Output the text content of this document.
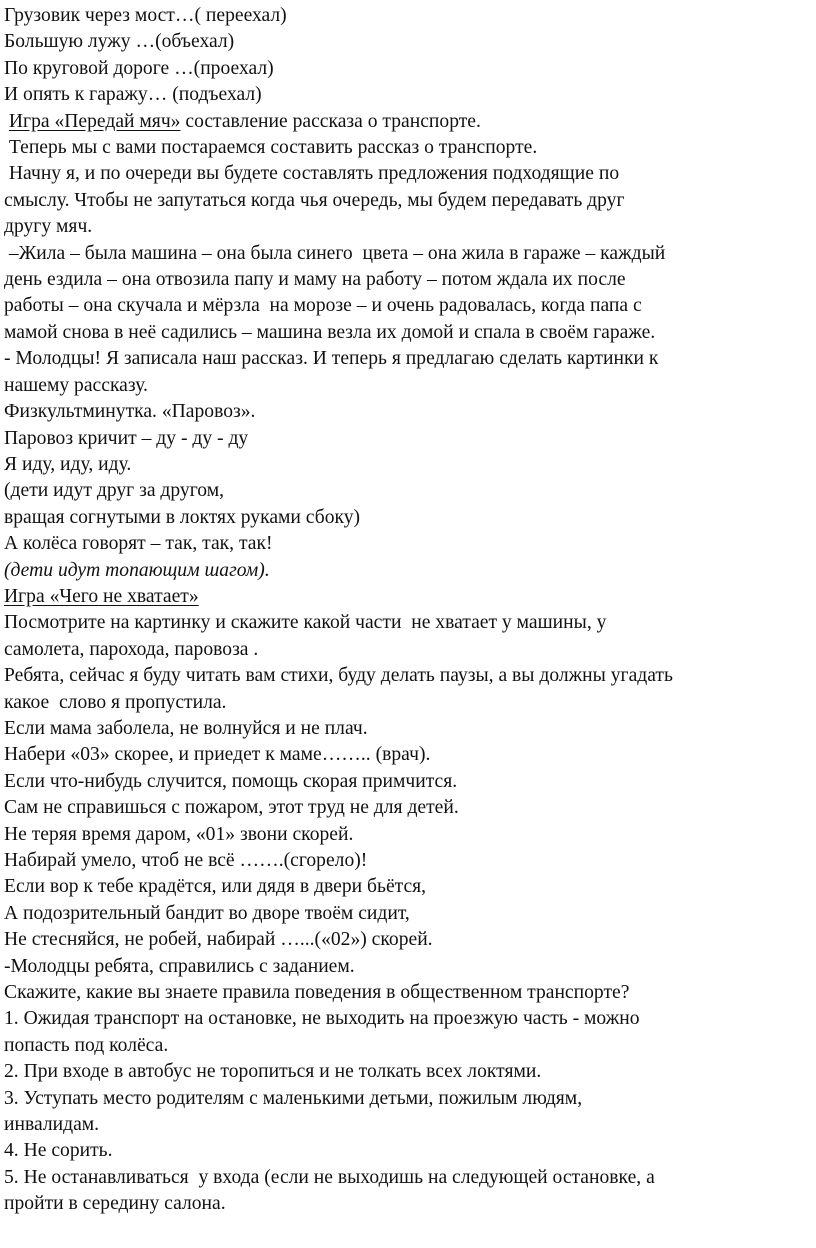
Грузовик через мост…( переехал)
Большую лужу …(объехал)
По круговой дороге …(проехал)
И опять к гаражу… (подъехал)
Игра «Передай мяч» составление рассказа о транспорте.
Теперь мы с вами постараемся составить рассказ о транспорте.
Начну я, и по очереди вы будете составлять предложения подходящие по
смыслу. Чтобы не запутаться когда чья очередь, мы будем передавать друг
другу мяч.
–Жила – была машина – она была синего  цвета – она жила в гараже – каждый
день ездила – она отвозила папу и маму на работу – потом ждала их после
работы – она скучала и мёрзла  на морозе – и очень радовалась, когда папа с
мамой снова в неё садились – машина везла их домой и спала в своём гараже.
- Молодцы! Я записала наш рассказ. И теперь я предлагаю сделать картинки к
нашему рассказу.
Физкультминутка. «Паровоз».
Паровоз кричит – ду - ду - ду
Я иду, иду, иду.
(дети идут друг за другом,
вращая согнутыми в локтях руками сбоку)
А колёса говорят – так, так, так!
(дети идут топающим шагом).
Игра «Чего не хватает»
Посмотрите на картинку и скажите какой части  не хватает у машины, у
самолета, парохода, паровоза .
Ребята, сейчас я буду читать вам стихи, буду делать паузы, а вы должны угадать
какое  слово я пропустила.
Если мама заболела, не волнуйся и не плач.
Набери «03» скорее, и приедет к маме…….. (врач).
Если что-нибудь случится, помощь скорая примчится.
Сам не справишься с пожаром, этот труд не для детей.
Не теряя время даром, «01» звони скорей.
Набирай умело, чтоб не всё …….(сгорело)!
Если вор к тебе крадётся, или дядя в двери бьётся,
А подозрительный бандит во дворе твоём сидит,
Не стесняйся, не робей, набирай …...(«02») скорей.
-Молодцы ребята, справились с заданием.
Скажите, какие вы знаете правила поведения в общественном транспорте?
1. Ожидая транспорт на остановке, не выходить на проезжую часть - можно
попасть под колёса.
2. При входе в автобус не торопиться и не толкать всех локтями.
3. Уступать место родителям с маленькими детьми, пожилым людям,
инвалидам.
4. Не сорить.
5. Не останавливаться  у входа (если не выходишь на следующей остановке, а
пройти в середину салона.
